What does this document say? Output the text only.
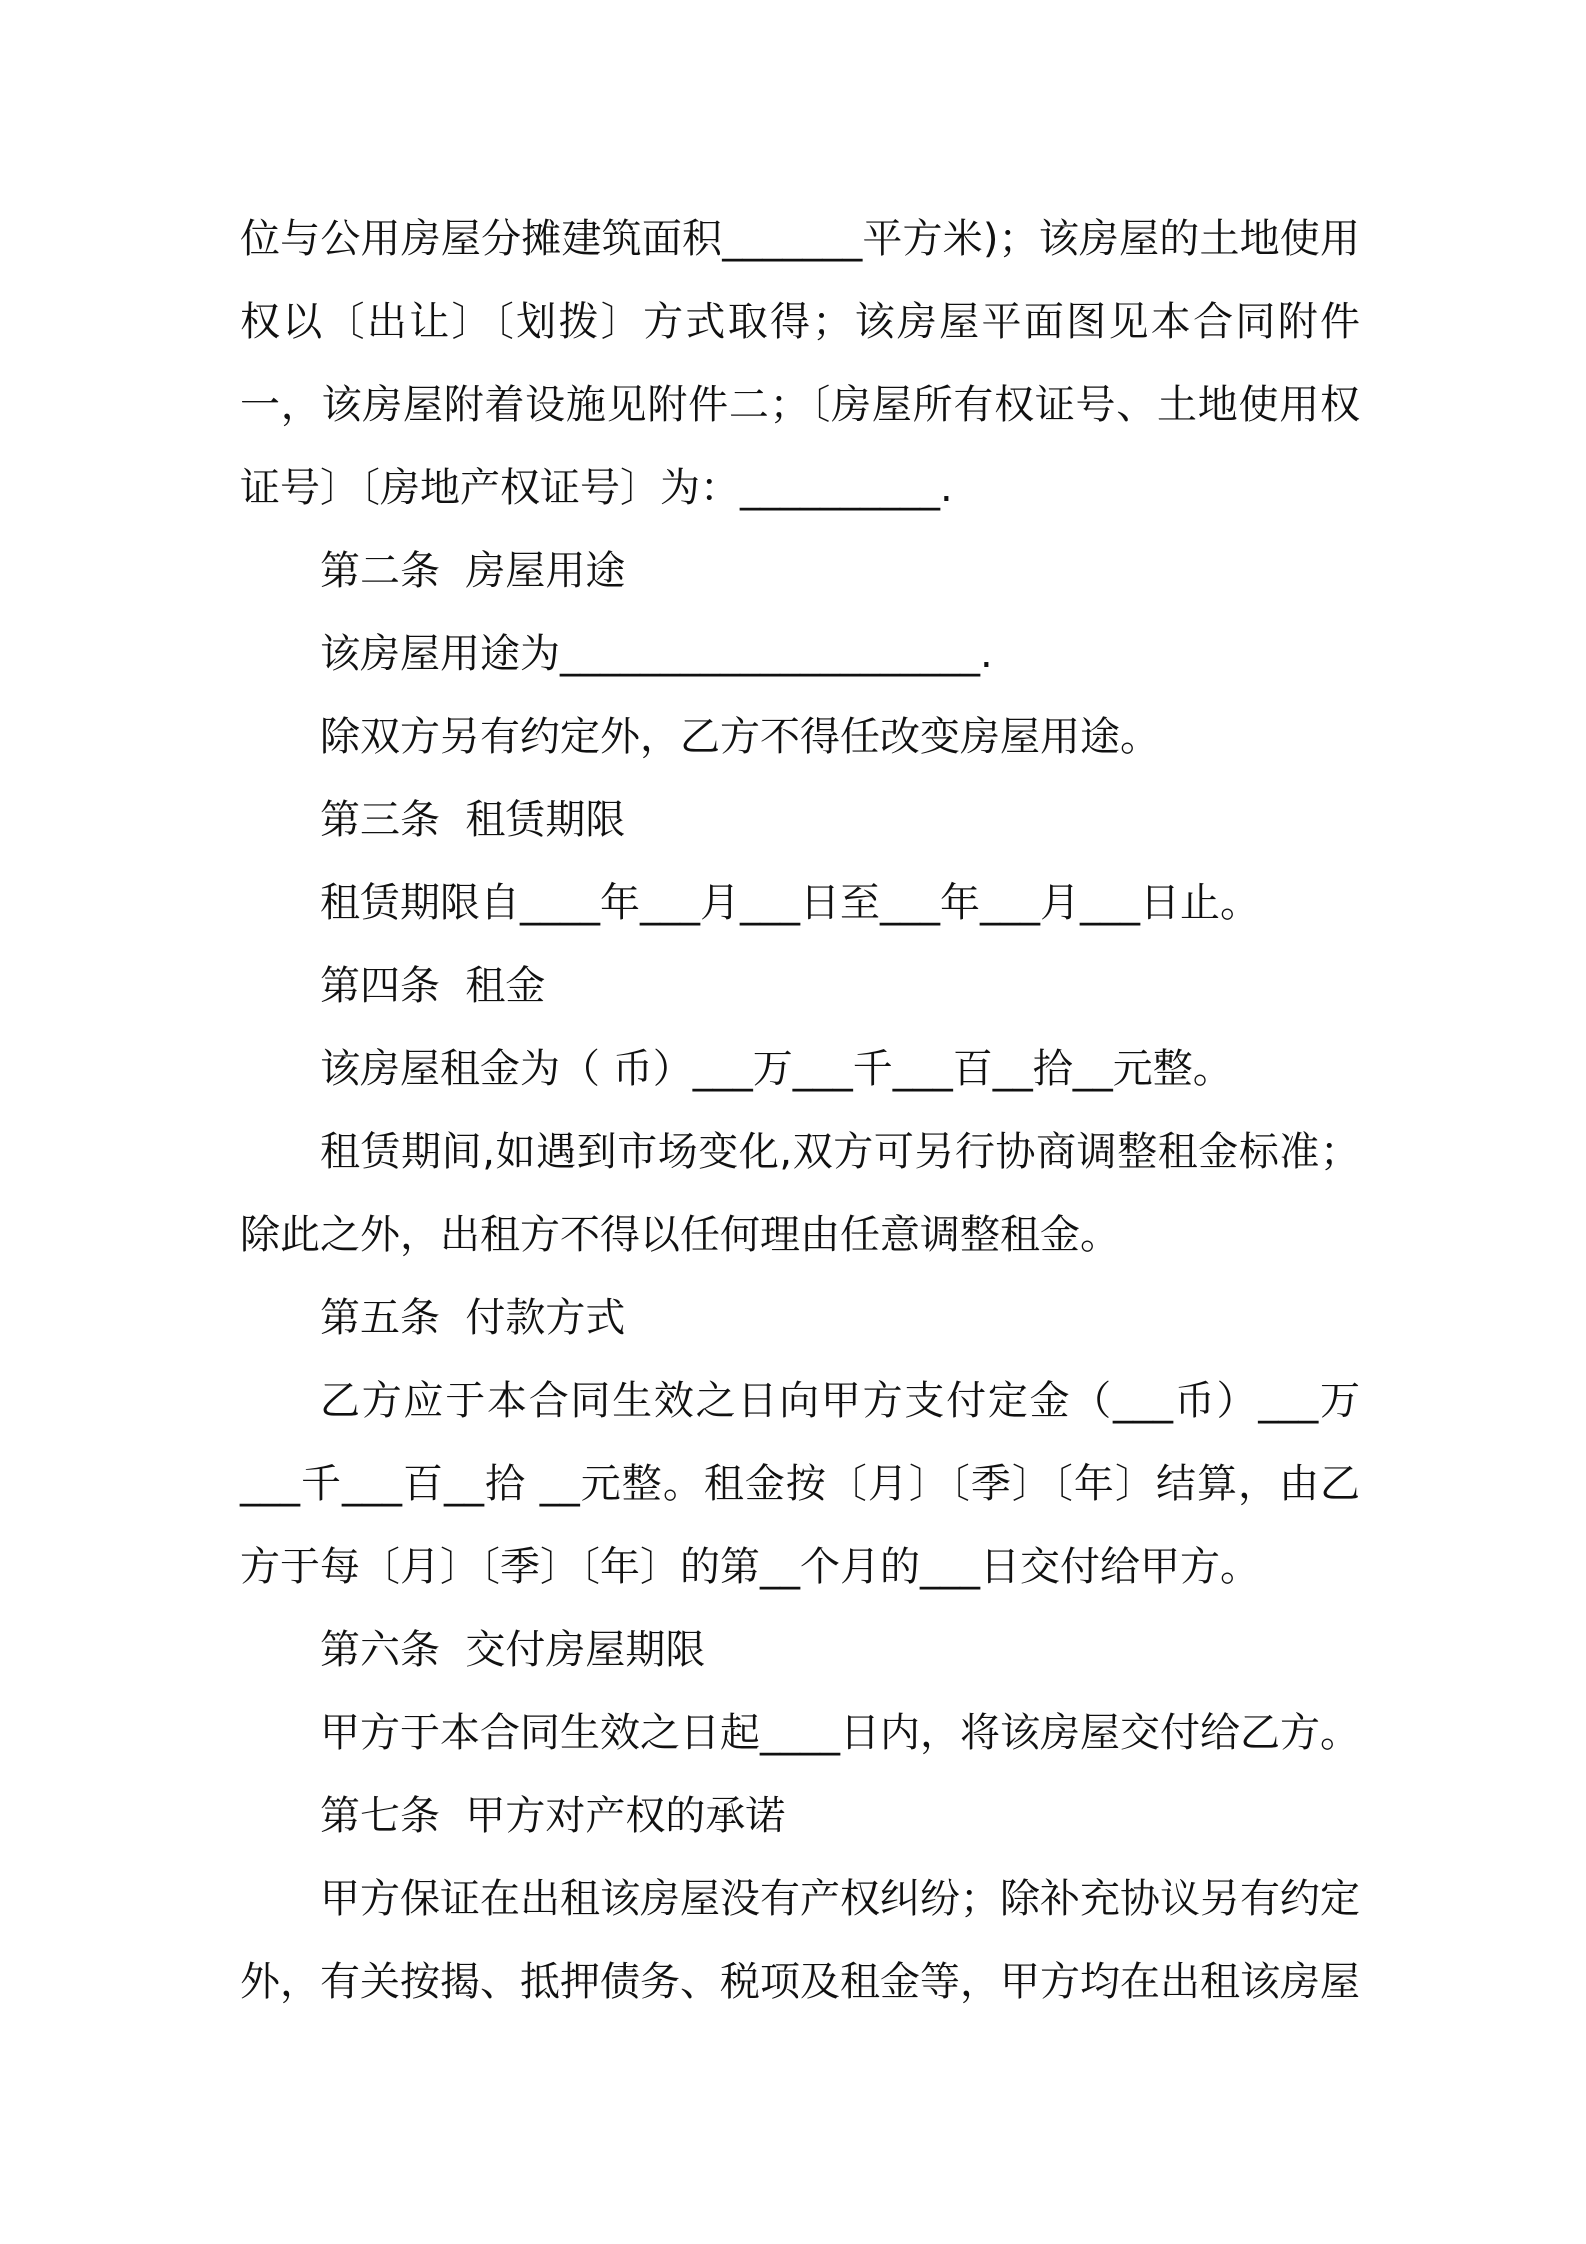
位与公用房屋分摊建筑面积_______平方米)；该房屋的土地使用权以〔出让〕〔划拨〕方式取得；该房屋平面图见本合同附件一，该房屋附着设施见附件二；〔房屋所有权证号、土地使用权证号〕〔房地产权证号〕为：__________.

第二条  房屋用途

该房屋用途为_____________________.

除双方另有约定外，乙方不得任改变房屋用途。

第三条  租赁期限

租赁期限自____年___月___日至___年___月___日止。

第四条  租金

该房屋租金为（ 币）___万___千___百__拾__元整。

租赁期间,如遇到市场变化,双方可另行协商调整租金标准；除此之外，出租方不得以任何理由任意调整租金。

第五条  付款方式

乙方应于本合同生效之日向甲方支付定金（___币）___万___千___百__拾 __元整。租金按〔月〕〔季〕〔年〕结算，由乙方于每〔月〕〔季〕〔年〕的第__个月的___日交付给甲方。

第六条  交付房屋期限

甲方于本合同生效之日起____日内，将该房屋交付给乙方。

第七条  甲方对产权的承诺

甲方保证在出租该房屋没有产权纠纷；除补充协议另有约定外，有关按揭、抵押债务、税项及租金等，甲方均在出租该房屋
